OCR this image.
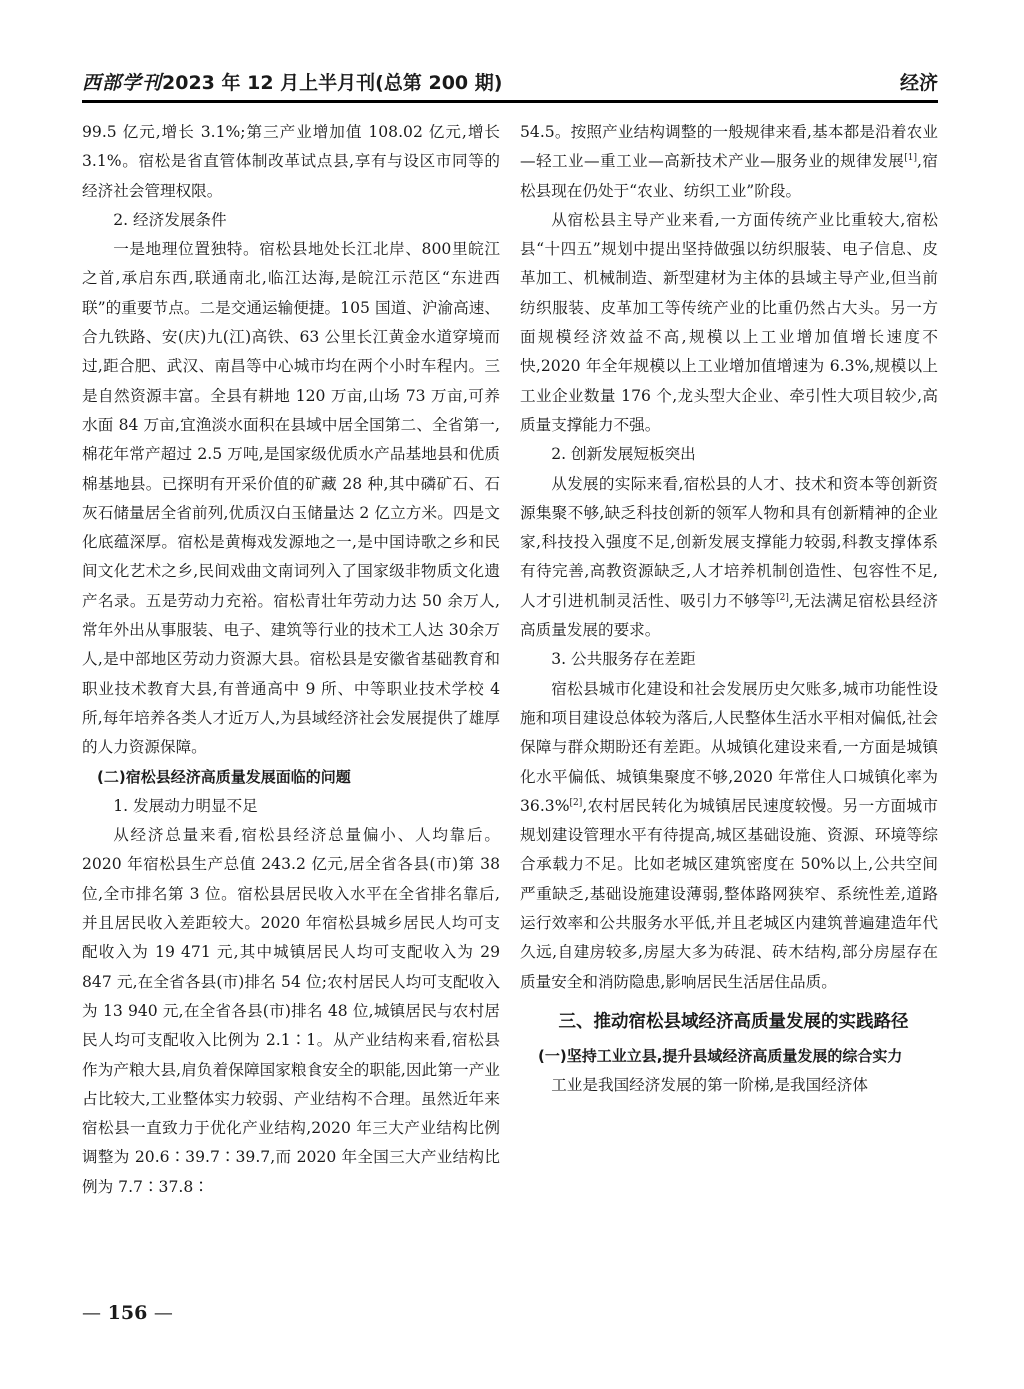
西部学刊2023 年 12 月上半月刊(总第 200 期)	经济

99.5 亿元,增长 3.1%;第三产业增加值 108.02 亿元,增长 3.1%。宿松是省直管体制改革试点县,享有与设区市同等的经济社会管理权限。

2. 经济发展条件

一是地理位置独特。宿松县地处长江北岸、800里皖江之首,承启东西,联通南北,临江达海,是皖江示范区“东进西联”的重要节点。二是交通运输便捷。105 国道、沪渝高速、合九铁路、安(庆)九(江)高铁、63 公里长江黄金水道穿境而过,距合肥、武汉、南昌等中心城市均在两个小时车程内。三是自然资源丰富。全县有耕地 120 万亩,山场 73 万亩,可养水面 84 万亩,宜渔淡水面积在县域中居全国第二、全省第一,棉花年常产超过 2.5 万吨,是国家级优质水产品基地县和优质棉基地县。已探明有开采价值的矿藏 28 种,其中磷矿石、石灰石储量居全省前列,优质汉白玉储量达 2 亿立方米。四是文化底蕴深厚。宿松是黄梅戏发源地之一,是中国诗歌之乡和民间文化艺术之乡,民间戏曲文南词列入了国家级非物质文化遗产名录。五是劳动力充裕。宿松青壮年劳动力达 50 余万人,常年外出从事服装、电子、建筑等行业的技术工人达 30余万人,是中部地区劳动力资源大县。宿松县是安徽省基础教育和职业技术教育大县,有普通高中 9 所、中等职业技术学校 4 所,每年培养各类人才近万人,为县域经济社会发展提供了雄厚的人力资源保障。

(二)宿松县经济高质量发展面临的问题

1. 发展动力明显不足

从经济总量来看,宿松县经济总量偏小、人均靠后。2020 年宿松县生产总值 243.2 亿元,居全省各县(市)第 38 位,全市排名第 3 位。宿松县居民收入水平在全省排名靠后,并且居民收入差距较大。2020 年宿松县城乡居民人均可支配收入为 19 471 元,其中城镇居民人均可支配收入为 29 847 元,在全省各县(市)排名 54 位;农村居民人均可支配收入为 13 940 元,在全省各县(市)排名 48 位,城镇居民与农村居民人均可支配收入比例为 2.1∶1。从产业结构来看,宿松县作为产粮大县,肩负着保障国家粮食安全的职能,因此第一产业占比较大,工业整体实力较弱、产业结构不合理。虽然近年来宿松县一直致力于优化产业结构,2020 年三大产业结构比例调整为 20.6∶39.7∶39.7,而 2020 年全国三大产业结构比例为 7.7∶37.8∶

54.5。按照产业结构调整的一般规律来看,基本都是沿着农业—轻工业—重工业—高新技术产业—服务业的规律发展[1],宿松县现在仍处于“农业、纺织工业”阶段。

从宿松县主导产业来看,一方面传统产业比重较大,宿松县“十四五”规划中提出坚持做强以纺织服装、电子信息、皮革加工、机械制造、新型建材为主体的县域主导产业,但当前纺织服装、皮革加工等传统产业的比重仍然占大头。另一方面规模经济效益不高,规模以上工业增加值增长速度不快,2020 年全年规模以上工业增加值增速为 6.3%,规模以上工业企业数量 176 个,龙头型大企业、牵引性大项目较少,高质量支撑能力不强。

2. 创新发展短板突出

从发展的实际来看,宿松县的人才、技术和资本等创新资源集聚不够,缺乏科技创新的领军人物和具有创新精神的企业家,科技投入强度不足,创新发展支撑能力较弱,科教支撑体系有待完善,高教资源缺乏,人才培养机制创造性、包容性不足,人才引进机制灵活性、吸引力不够等[2],无法满足宿松县经济高质量发展的要求。

3. 公共服务存在差距

宿松县城市化建设和社会发展历史欠账多,城市功能性设施和项目建设总体较为落后,人民整体生活水平相对偏低,社会保障与群众期盼还有差距。从城镇化建设来看,一方面是城镇化水平偏低、城镇集聚度不够,2020 年常住人口城镇化率为 36.3%[2],农村居民转化为城镇居民速度较慢。另一方面城市规划建设管理水平有待提高,城区基础设施、资源、环境等综合承载力不足。比如老城区建筑密度在 50%以上,公共空间严重缺乏,基础设施建设薄弱,整体路网狭窄、系统性差,道路运行效率和公共服务水平低,并且老城区内建筑普遍建造年代久远,自建房较多,房屋大多为砖混、砖木结构,部分房屋存在质量安全和消防隐患,影响居民生活居住品质。

三、推动宿松县域经济高质量发展的实践路径

(一)坚持工业立县,提升县域经济高质量发展的综合实力

工业是我国经济发展的第一阶梯,是我国经济体

— 156 —
